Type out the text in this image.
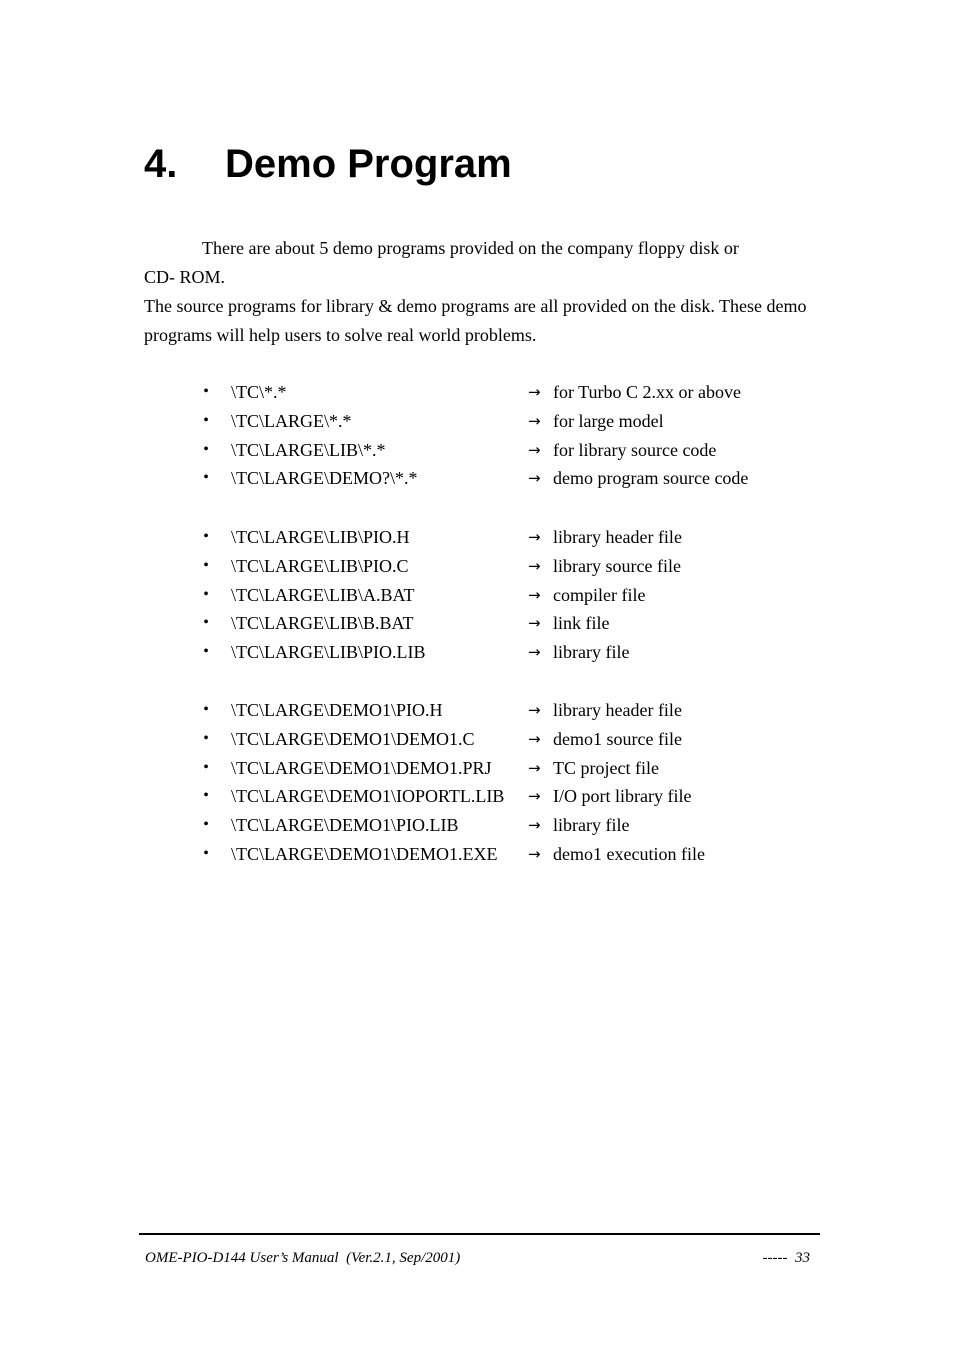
4. Demo Program
There are about 5 demo programs provided on the company floppy disk or
CD- ROM.
The source programs for library & demo programs are all provided on the disk. These demo programs will help users to solve real world problems.
• \TC\*.*	→ for Turbo C 2.xx or above
• \TC\LARGE\*.*	→ for large model
• \TC\LARGE\LIB\*.*	→ for library source code
• \TC\LARGE\DEMO?\*.*	→ demo program source code
• \TC\LARGE\LIB\PIO.H	→ library header file
• \TC\LARGE\LIB\PIO.C	→ library source file
• \TC\LARGE\LIB\A.BAT	→ compiler file
• \TC\LARGE\LIB\B.BAT	→ link file
• \TC\LARGE\LIB\PIO.LIB	→ library file
• \TC\LARGE\DEMO1\PIO.H	→ library header file
• \TC\LARGE\DEMO1\DEMO1.C	→ demo1 source file
• \TC\LARGE\DEMO1\DEMO1.PRJ → TC project file
• \TC\LARGE\DEMO1\IOPORTL.LIB → I/O port library file
• \TC\LARGE\DEMO1\PIO.LIB	→ library file
• \TC\LARGE\DEMO1\DEMO1.EXE → demo1 execution file
OME-PIO-D144 User’s Manual  (Ver.2.1, Sep/2001)	-----  33
